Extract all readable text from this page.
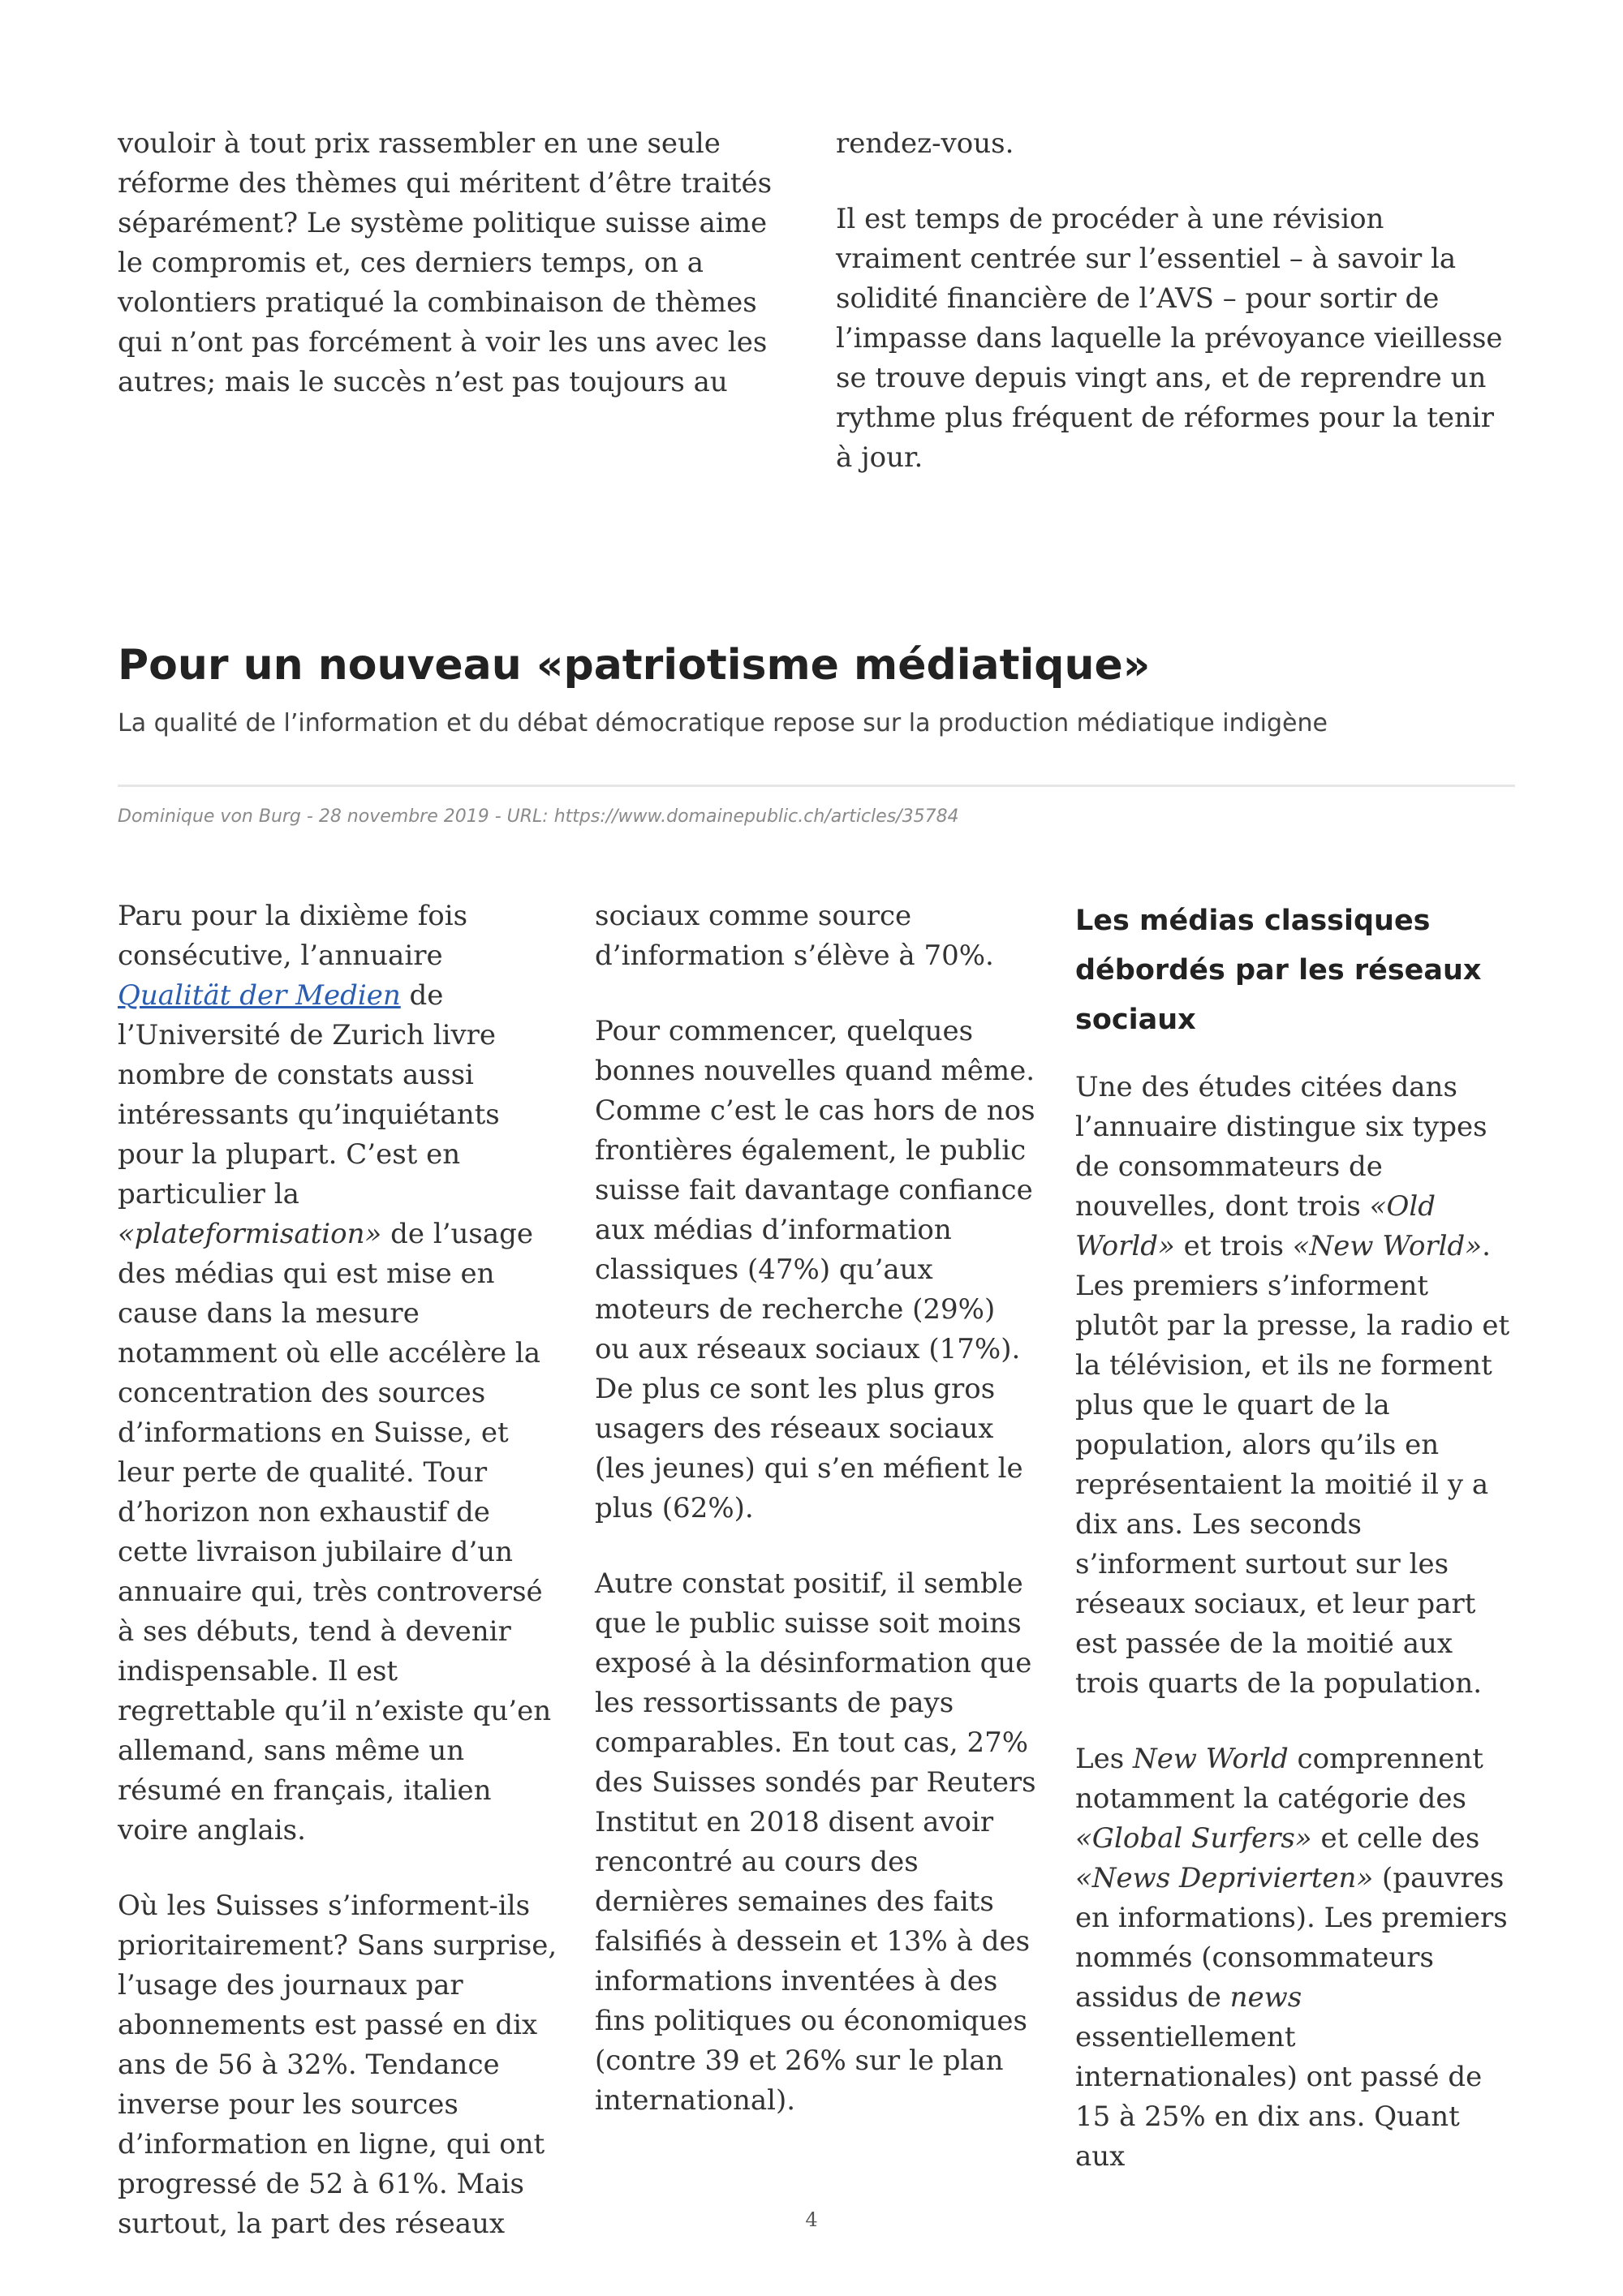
vouloir à tout prix rassembler en une seule réforme des thèmes qui méritent d’être traités séparément? Le système politique suisse aime le compromis et, ces derniers temps, on a volontiers pratiqué la combinaison de thèmes qui n’ont pas forcément à voir les uns avec les autres; mais le succès n’est pas toujours au

rendez-vous.

Il est temps de procéder à une révision vraiment centrée sur l’essentiel – à savoir la solidité financière de l’AVS – pour sortir de l’impasse dans laquelle la prévoyance vieillesse se trouve depuis vingt ans, et de reprendre un rythme plus fréquent de réformes pour la tenir à jour.

Pour un nouveau «patriotisme médiatique»
La qualité de l’information et du débat démocratique repose sur la production médiatique indigène
Dominique von Burg - 28 novembre 2019 - URL: https://www.domainepublic.ch/articles/35784

Paru pour la dixième fois consécutive, l’annuaire Qualität der Medien de l’Université de Zurich livre nombre de constats aussi intéressants qu’inquiétants pour la plupart. C’est en particulier la «plateformisation» de l’usage des médias qui est mise en cause dans la mesure notamment où elle accélère la concentration des sources d’informations en Suisse, et leur perte de qualité. Tour d’horizon non exhaustif de cette livraison jubilaire d’un annuaire qui, très controversé à ses débuts, tend à devenir indispensable. Il est regrettable qu’il n’existe qu’en allemand, sans même un résumé en français, italien voire anglais.

Où les Suisses s’informent-ils prioritairement? Sans surprise, l’usage des journaux par abonnements est passé en dix ans de 56 à 32%. Tendance inverse pour les sources d’information en ligne, qui ont progressé de 52 à 61%. Mais surtout, la part des réseaux

sociaux comme source d’information s’élève à 70%.

Pour commencer, quelques bonnes nouvelles quand même. Comme c’est le cas hors de nos frontières également, le public suisse fait davantage confiance aux médias d’information classiques (47%) qu’aux moteurs de recherche (29%) ou aux réseaux sociaux (17%). De plus ce sont les plus gros usagers des réseaux sociaux (les jeunes) qui s’en méfient le plus (62%).

Autre constat positif, il semble que le public suisse soit moins exposé à la désinformation que les ressortissants de pays comparables. En tout cas, 27% des Suisses sondés par Reuters Institut en 2018 disent avoir rencontré au cours des dernières semaines des faits falsifiés à dessein et 13% à des informations inventées à des fins politiques ou économiques (contre 39 et 26% sur le plan international).

Les médias classiques débordés par les réseaux sociaux

Une des études citées dans l’annuaire distingue six types de consommateurs de nouvelles, dont trois «Old World» et trois «New World». Les premiers s’informent plutôt par la presse, la radio et la télévision, et ils ne forment plus que le quart de la population, alors qu’ils en représentaient la moitié il y a dix ans. Les seconds s’informent surtout sur les réseaux sociaux, et leur part est passée de la moitié aux trois quarts de la population.

Les New World comprennent notamment la catégorie des «Global Surfers» et celle des «News Deprivierten» (pauvres en informations). Les premiers nommés (consommateurs assidus de news essentiellement internationales) ont passé de 15 à 25% en dix ans. Quant aux

4
